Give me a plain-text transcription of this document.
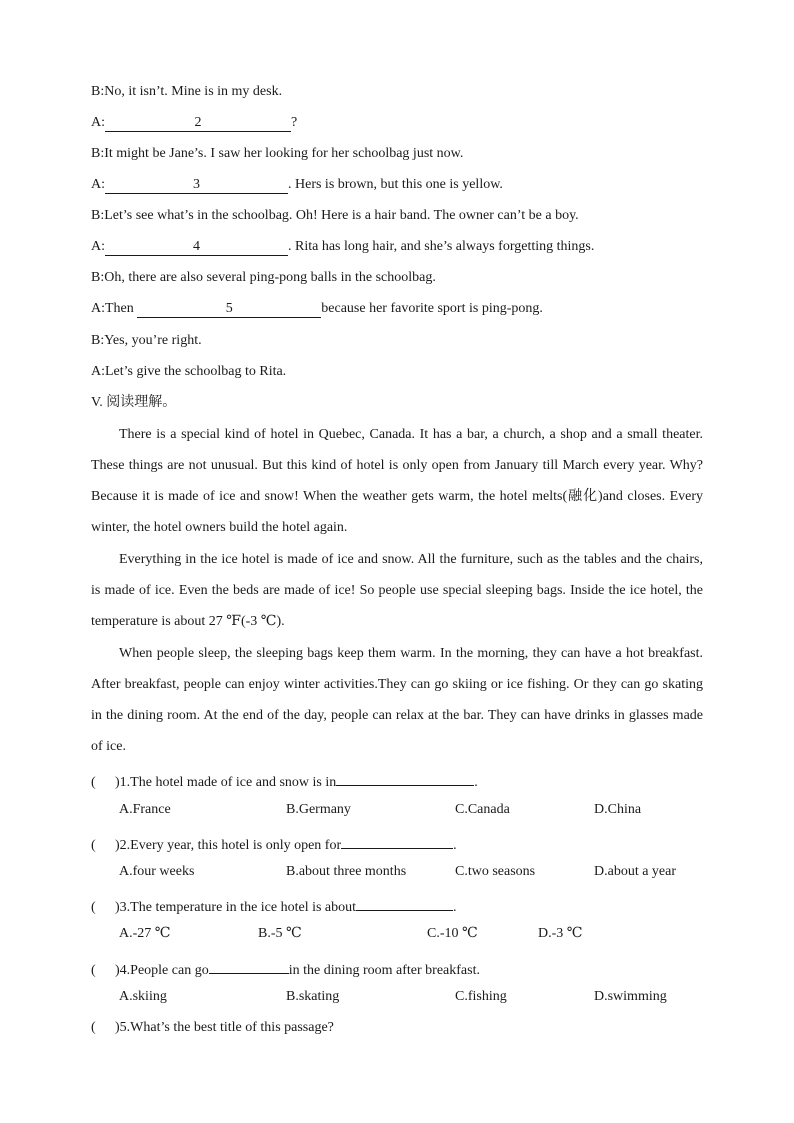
B:No, it isn’t. Mine is in my desk.
A:	2	?
B:It might be Jane’s. I saw her looking for her schoolbag just now.
A:	3	. Hers is brown, but this one is yellow.
B:Let’s see what’s in the schoolbag. Oh! Here is a hair band. The owner can’t be a boy.
A:	4	. Rita has long hair, and she’s always forgetting things.
B:Oh, there are also several ping-pong balls in the schoolbag.
A:Then	5	because her favorite sport is ping-pong.
B:Yes, you’re right.
A:Let’s give the schoolbag to Rita.
V. 阅读理解。
There is a special kind of hotel in Quebec, Canada. It has a bar, a church, a shop and a small theater. These things are not unusual. But this kind of hotel is only open from January till March every year. Why? Because it is made of ice and snow! When the weather gets warm, the hotel melts(融化)and closes. Every winter, the hotel owners build the hotel again.
Everything in the ice hotel is made of ice and snow. All the furniture, such as the tables and the chairs, is made of ice. Even the beds are made of ice! So people use special sleeping bags. Inside the ice hotel, the temperature is about 27 ℉(-3 ℃).
When people sleep, the sleeping bags keep them warm. In the morning, they can have a hot breakfast. After breakfast, people can enjoy winter activities.They can go skiing or ice fishing. Or they can go skating in the dining room. At the end of the day, people can relax at the bar. They can have drinks in glasses made of ice.
( )1.The hotel made of ice and snow is in	.
A.France	B.Germany	C.Canada	D.China
( )2.Every year, this hotel is only open for	.
A.four weeks	B.about three months	C.two seasons	D.about a year
( )3.The temperature in the ice hotel is about	.
A.-27 ℃	B.-5 ℃	C.-10 ℃	D.-3 ℃
( )4.People can go	in the dining room after breakfast.
A.skiing	B.skating	C.fishing	D.swimming
( )5.What’s the best title of this passage?
